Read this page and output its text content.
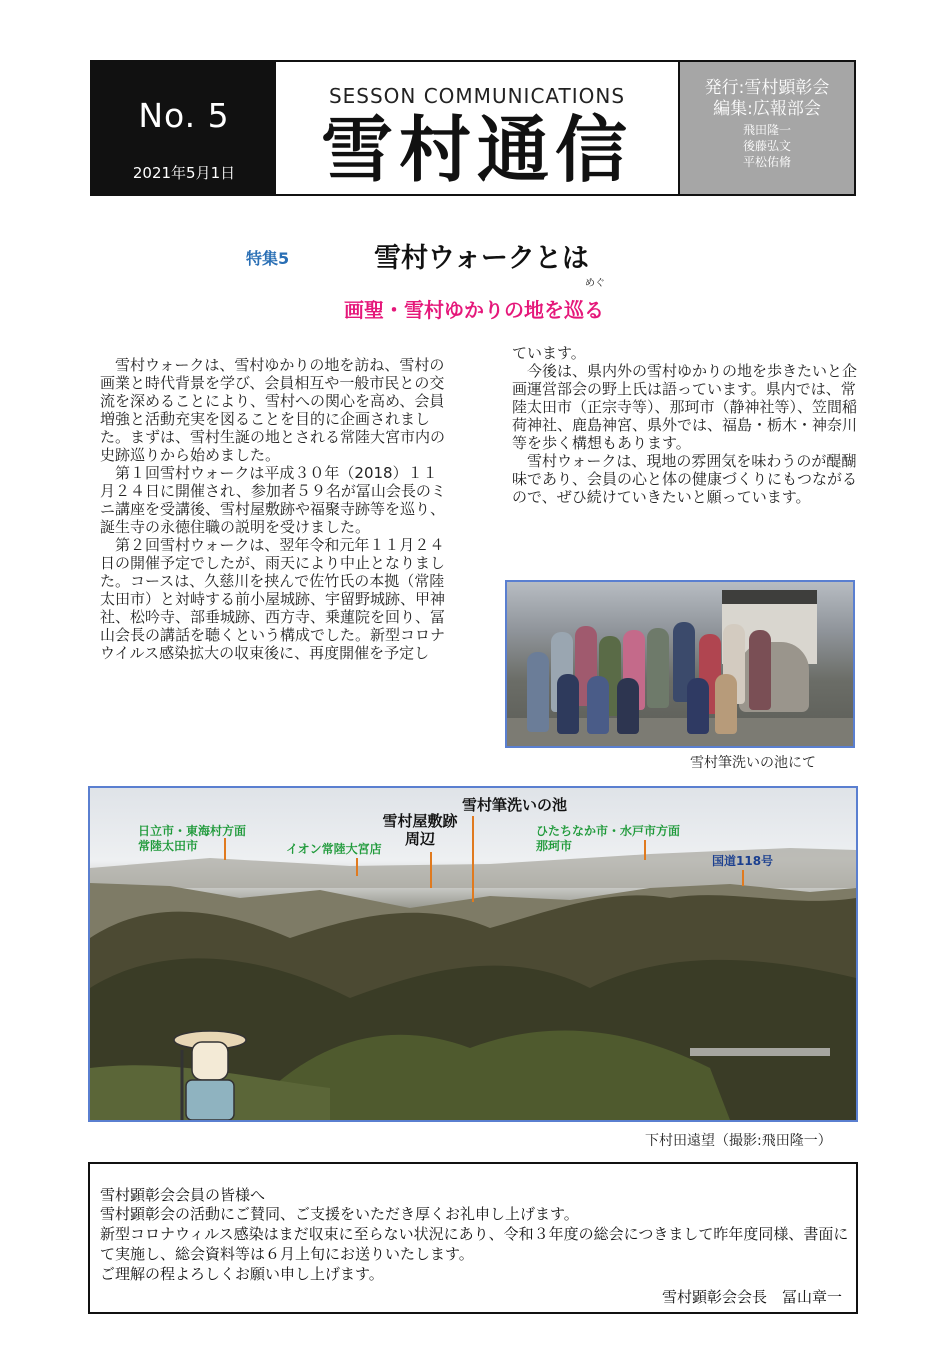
No. 5
2021年5月1日
SESSON COMMUNICATIONS
雪村通信
発行:雪村顕彰会
編集:広報部会
飛田隆一
後藤弘文
平松佑脩
特集5	雪村ウォークとは
めぐ
画聖・雪村ゆかりの地を巡る
　雪村ウォークは、雪村ゆかりの地を訪ね、雪村の画業と時代背景を学び、会員相互や一般市民との交流を深めることにより、雪村への関心を高め、会員増強と活動充実を図ることを目的に企画されました。まずは、雪村生誕の地とされる常陸大宮市内の史跡巡りから始めました。
　第１回雪村ウォークは平成３０年（2018）１１月２４日に開催され、参加者５９名が冨山会長のミニ講座を受講後、雪村屋敷跡や福聚寺跡等を巡り、誕生寺の永徳住職の説明を受けました。
　第２回雪村ウォークは、翌年令和元年１１月２４日の開催予定でしたが、雨天により中止となりました。コースは、久慈川を挟んで佐竹氏の本拠（常陸太田市）と対峙する前小屋城跡、宇留野城跡、甲神社、松吟寺、部垂城跡、西方寺、乗蓮院を回り、冨山会長の講話を聴くという構成でした。新型コロナウイルス感染拡大の収束後に、再度開催を予定し
ています。
　今後は、県内外の雪村ゆかりの地を歩きたいと企画運営部会の野上氏は語っています。県内では、常陸太田市（正宗寺等）、那珂市（静神社等）、笠間稲荷神社、鹿島神宮、県外では、福島・栃木・神奈川等を歩く構想もあります。
　雪村ウォークは、現地の雰囲気を味わうのが醍醐味であり、会員の心と体の健康づくりにもつながるので、ぜひ続けていきたいと願っています。
雪村筆洗いの池にて
日立市・東海村方面
常陸太田市	イオン常陸大宮店
雪村屋敷跡
周辺
雪村筆洗いの池
ひたちなか市・水戸市方面
那珂市
国道118号
下村田遠望（撮影:飛田隆一）
雪村顕彰会会員の皆様へ
雪村顕彰会の活動にご賛同、ご支援をいただき厚くお礼申し上げます。
新型コロナウィルス感染はまだ収束に至らない状況にあり、令和３年度の総会につきまして昨年度同様、書面にて実施し、総会資料等は６月上旬にお送りいたします。
ご理解の程よろしくお願い申し上げます。
雪村顕彰会会長　冨山章一
